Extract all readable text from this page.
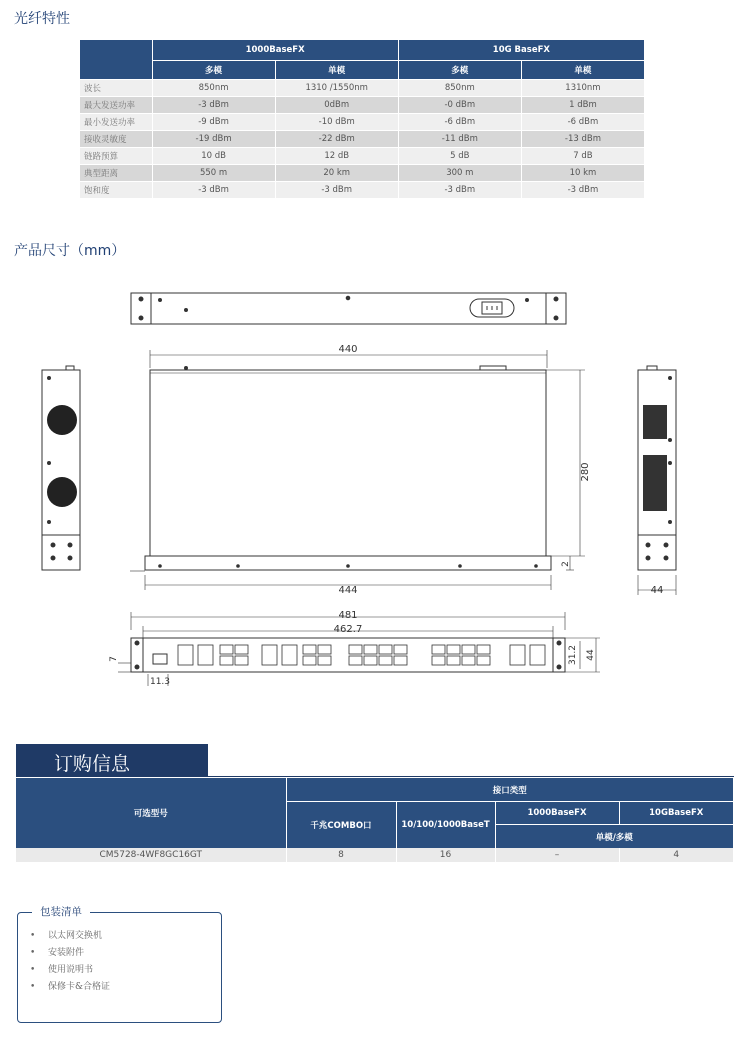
光纤特性
	1000BaseFX		10G BaseFX	
	多模	单模	多模	单模
波长	850nm	1310 /1550nm	850nm	1310nm
最大发送功率	-3 dBm	0dBm	-0 dBm	1 dBm
最小发送功率	-9 dBm	-10 dBm	-6 dBm	-6 dBm
接收灵敏度	-19 dBm	-22 dBm	-11 dBm	-13 dBm
链路预算	10 dB	12 dB	5 dB	7 dB
典型距离	550 m	20 km	300 m	10 km
饱和度	-3 dBm	-3 dBm	-3 dBm	-3 dBm
产品尺寸（mm）
440
280
2
444	44
481
462.7
31.2 44
7
11.3
订购信息
可选型号	接口类型			
	千兆COMBO口	10/100/1000BaseT	1000BaseFX	10GBaseFX
			单模/多模	
CM5728-4WF8GC16GT	8	16	–	4
包装清单
• 以太网交换机
• 安装附件
• 使用说明书
• 保修卡&合格证
